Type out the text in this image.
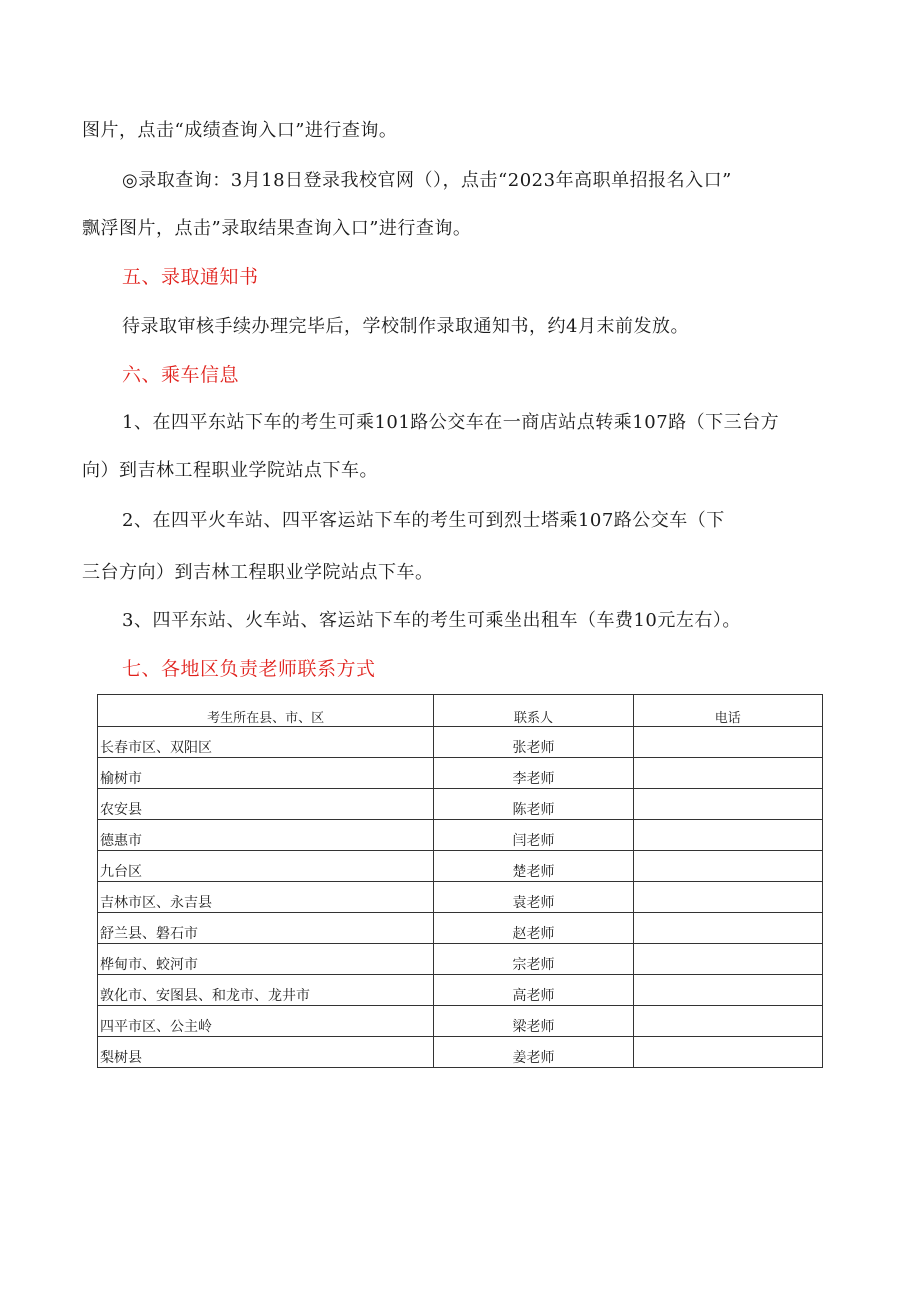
图片，点击“成绩查询入口”进行查询。
◎录取查询：3月18日登录我校官网（），点击“2023年高职单招报名入口”
飘浮图片，点击”录取结果查询入口”进行查询。
五、录取通知书
待录取审核手续办理完毕后，学校制作录取通知书，约4月末前发放。
六、乘车信息
1、在四平东站下车的考生可乘101路公交车在一商店站点转乘107路（下三台方
向）到吉林工程职业学院站点下车。
2、在四平火车站、四平客运站下车的考生可到烈士塔乘107路公交车（下
三台方向）到吉林工程职业学院站点下车。
3、四平东站、火车站、客运站下车的考生可乘坐出租车（车费10元左右）。
七、各地区负责老师联系方式
考生所在县、市、区	联系人	电话
长春市区、双阳区	张老师	
榆树市	李老师	
农安县	陈老师	
德惠市	闫老师	
九台区	楚老师	
吉林市区、永吉县	袁老师	
舒兰县、磐石市	赵老师	
桦甸市、蛟河市	宗老师	
敦化市、安图县、和龙市、龙井市	高老师	
四平市区、公主岭	梁老师	
梨树县	姜老师	
